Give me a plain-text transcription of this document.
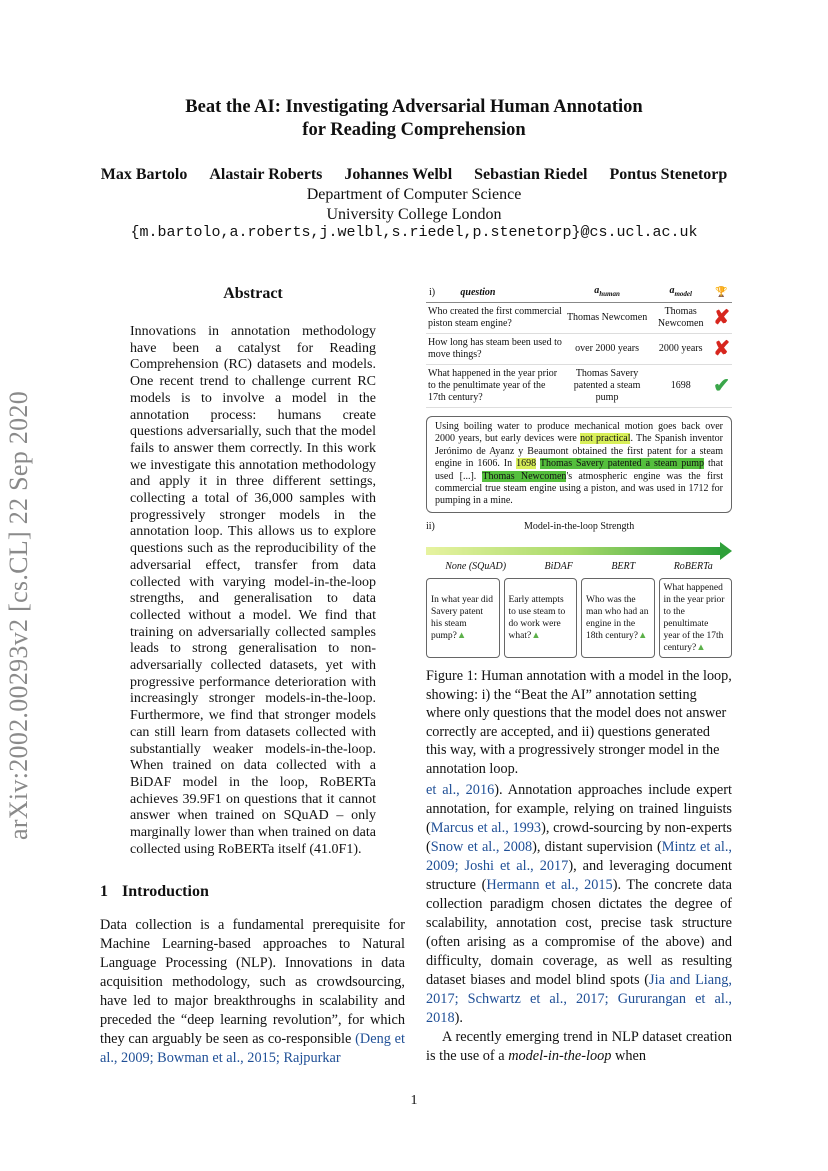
Beat the AI: Investigating Adversarial Human Annotation
for Reading Comprehension
Max Bartolo Alastair Roberts Johannes Welbl Sebastian Riedel Pontus Stenetorp
Department of Computer Science
University College London
{m.bartolo,a.roberts,j.welbl,s.riedel,p.stenetorp}@cs.ucl.ac.uk
arXiv:2002.00293v2 [cs.CL] 22 Sep 2020
Abstract
Innovations in annotation methodology have been a catalyst for Reading Comprehension (RC) datasets and models. One recent trend to challenge current RC models is to involve a model in the annotation process: humans create questions adversarially, such that the model fails to answer them correctly. In this work we investigate this annotation methodology and apply it in three different settings, collecting a total of 36,000 samples with progressively stronger models in the annotation loop. This allows us to explore questions such as the reproducibility of the adversarial effect, transfer from data collected with varying model-in-the-loop strengths, and generalisation to data collected without a model. We find that training on adversarially collected samples leads to strong generalisation to non-adversarially collected datasets, yet with progressive performance deterioration with increasingly stronger models-in-the-loop. Furthermore, we find that stronger models can still learn from datasets collected with substantially weaker models-in-the-loop. When trained on data collected with a BiDAF model in the loop, RoBERTa achieves 39.9F1 on questions that it cannot answer when trained on SQuAD – only marginally lower than when trained on data collected using RoBERTa itself (41.0F1).
1 Introduction
Data collection is a fundamental prerequisite for Machine Learning-based approaches to Natural Language Processing (NLP). Innovations in data acquisition methodology, such as crowdsourcing, have led to major breakthroughs in scalability and preceded the “deep learning revolution”, for which they can arguably be seen as co-responsible (Deng et al., 2009; Bowman et al., 2015; Rajpurkar
i)	question	$a_{human}$	$a_{model}$	🏆
Who created the first commercial piston steam engine?		Thomas Newcomen	Thomas Newcomen	✘
How long has steam been used to move things?		over 2000 years	2000 years	✘
What happened in the year prior to the penultimate year of the 17th century?		Thomas Savery patented a steam pump	1698	✔
Using boiling water to produce mechanical motion goes back over 2000 years, but early devices were not practical. The Spanish inventor Jerónimo de Ayanz y Beaumont obtained the first patent for a steam engine in 1606. In 1698 Thomas Savery patented a steam pump that used [...]. Thomas Newcomen's atmospheric engine was the first commercial true steam engine using a piston, and was used in 1712 for pumping in a mine.
ii)	Model-in-the-loop Strength
None (SQuAD)	BiDAF	BERT	RoBERTa
In what year did Savery patent his steam pump?▲
Early attempts to use steam to do work were what?▲
Who was the man who had an engine in the 18th century?▲
What happened in the year prior to the penultimate year of the 17th century?▲
Figure 1: Human annotation with a model in the loop, showing: i) the “Beat the AI” annotation setting where only questions that the model does not answer correctly are accepted, and ii) questions generated this way, with a progressively stronger model in the annotation loop.

et al., 2016). Annotation approaches include expert annotation, for example, relying on trained linguists (Marcus et al., 1993), crowd-sourcing by non-experts (Snow et al., 2008), distant supervision (Mintz et al., 2009; Joshi et al., 2017), and leveraging document structure (Hermann et al., 2015). The concrete data collection paradigm chosen dictates the degree of scalability, annotation cost, precise task structure (often arising as a compromise of the above) and difficulty, domain coverage, as well as resulting dataset biases and model blind spots (Jia and Liang, 2017; Schwartz et al., 2017; Gururangan et al., 2018).

A recently emerging trend in NLP dataset creation is the use of a model-in-the-loop when

1
